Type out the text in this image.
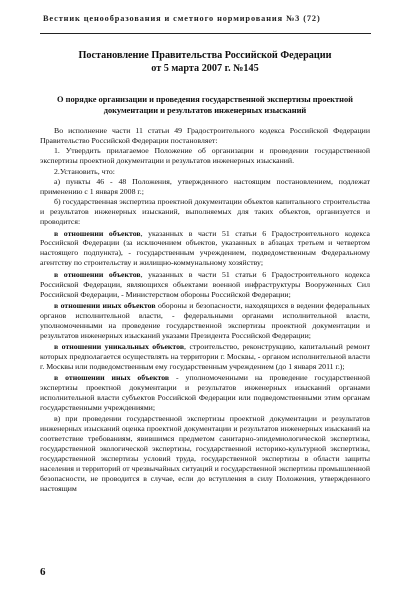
Вестник ценообразования и сметного нормирования №3 (72)
Постановление Правительства Российской Федерации
от 5 марта 2007 г. №145
О порядке организации и проведения государственной экспертизы проектной
документации и результатов инженерных изысканий

Во исполнение части 11 статьи 49 Градостроительного кодекса Российской Федерации Правительство Российской Федерации постановляет:

1. Утвердить прилагаемое Положение об организации и проведении государственной экспертизы проектной документации и результатов инженерных изысканий.

2.Установить, что:

а) пункты 46 - 48 Положения, утвержденного настоящим постановлением, подлежат применению с 1 января 2008 г.;

б) государственная экспертиза проектной документации объектов капитального строительства и результатов инженерных изысканий, выполняемых для таких объектов, организуется и проводится:

в отношении объектов, указанных в части 51 статьи 6 Градостроительного кодекса Российской Федерации (за исключением объектов, указанных в абзацах третьем и четвертом настоящего подпункта), - государственным учреждением, подведомственным Федеральному агентству по строительству и жилищно-коммунальному хозяйству;

в отношении объектов, указанных в части 51 статьи 6 Градостроительного кодекса Российской Федерации, являющихся объектами военной инфраструктуры Вооруженных Сил Российской Федерации, - Министерством обороны Российской Федерации;

в отношении иных объектов обороны и безопасности, находящихся в ведении федеральных органов исполнительной власти, - федеральными органами исполнительной власти, уполномоченными на проведение государственной экспертизы проектной документации и результатов инженерных изысканий указами Президента Российской Федерации;

в отношении уникальных объектов, строительство, реконструкцию, капитальный ремонт которых предполагается осуществлять на территории г. Москвы, - органом исполнительной власти г. Москвы или подведомственным ему государственным учреждением (до 1 января 2011 г.);

в отношении иных объектов - уполномоченными на проведение государственной экспертизы проектной документации и результатов инженерных изысканий органами исполнительной власти субъектов Российской Федерации или подведомственными этим органам государственными учреждениями;

в) при проведении государственной экспертизы проектной документации и результатов инженерных изысканий оценка проектной документации и результатов инженерных изысканий на соответствие требованиям, явившимся предметом санитарно-эпидемиологической экспертизы, государственной экологической экспертизы, государственной историко-культурной экспертизы, государственной экспертизы условий труда, государственной экспертизы в области защиты населения и территорий от чрезвычайных ситуаций и государственной экспертизы промышленной безопасности, не проводится в случае, если до вступления в силу Положения, утвержденного настоящим

6
